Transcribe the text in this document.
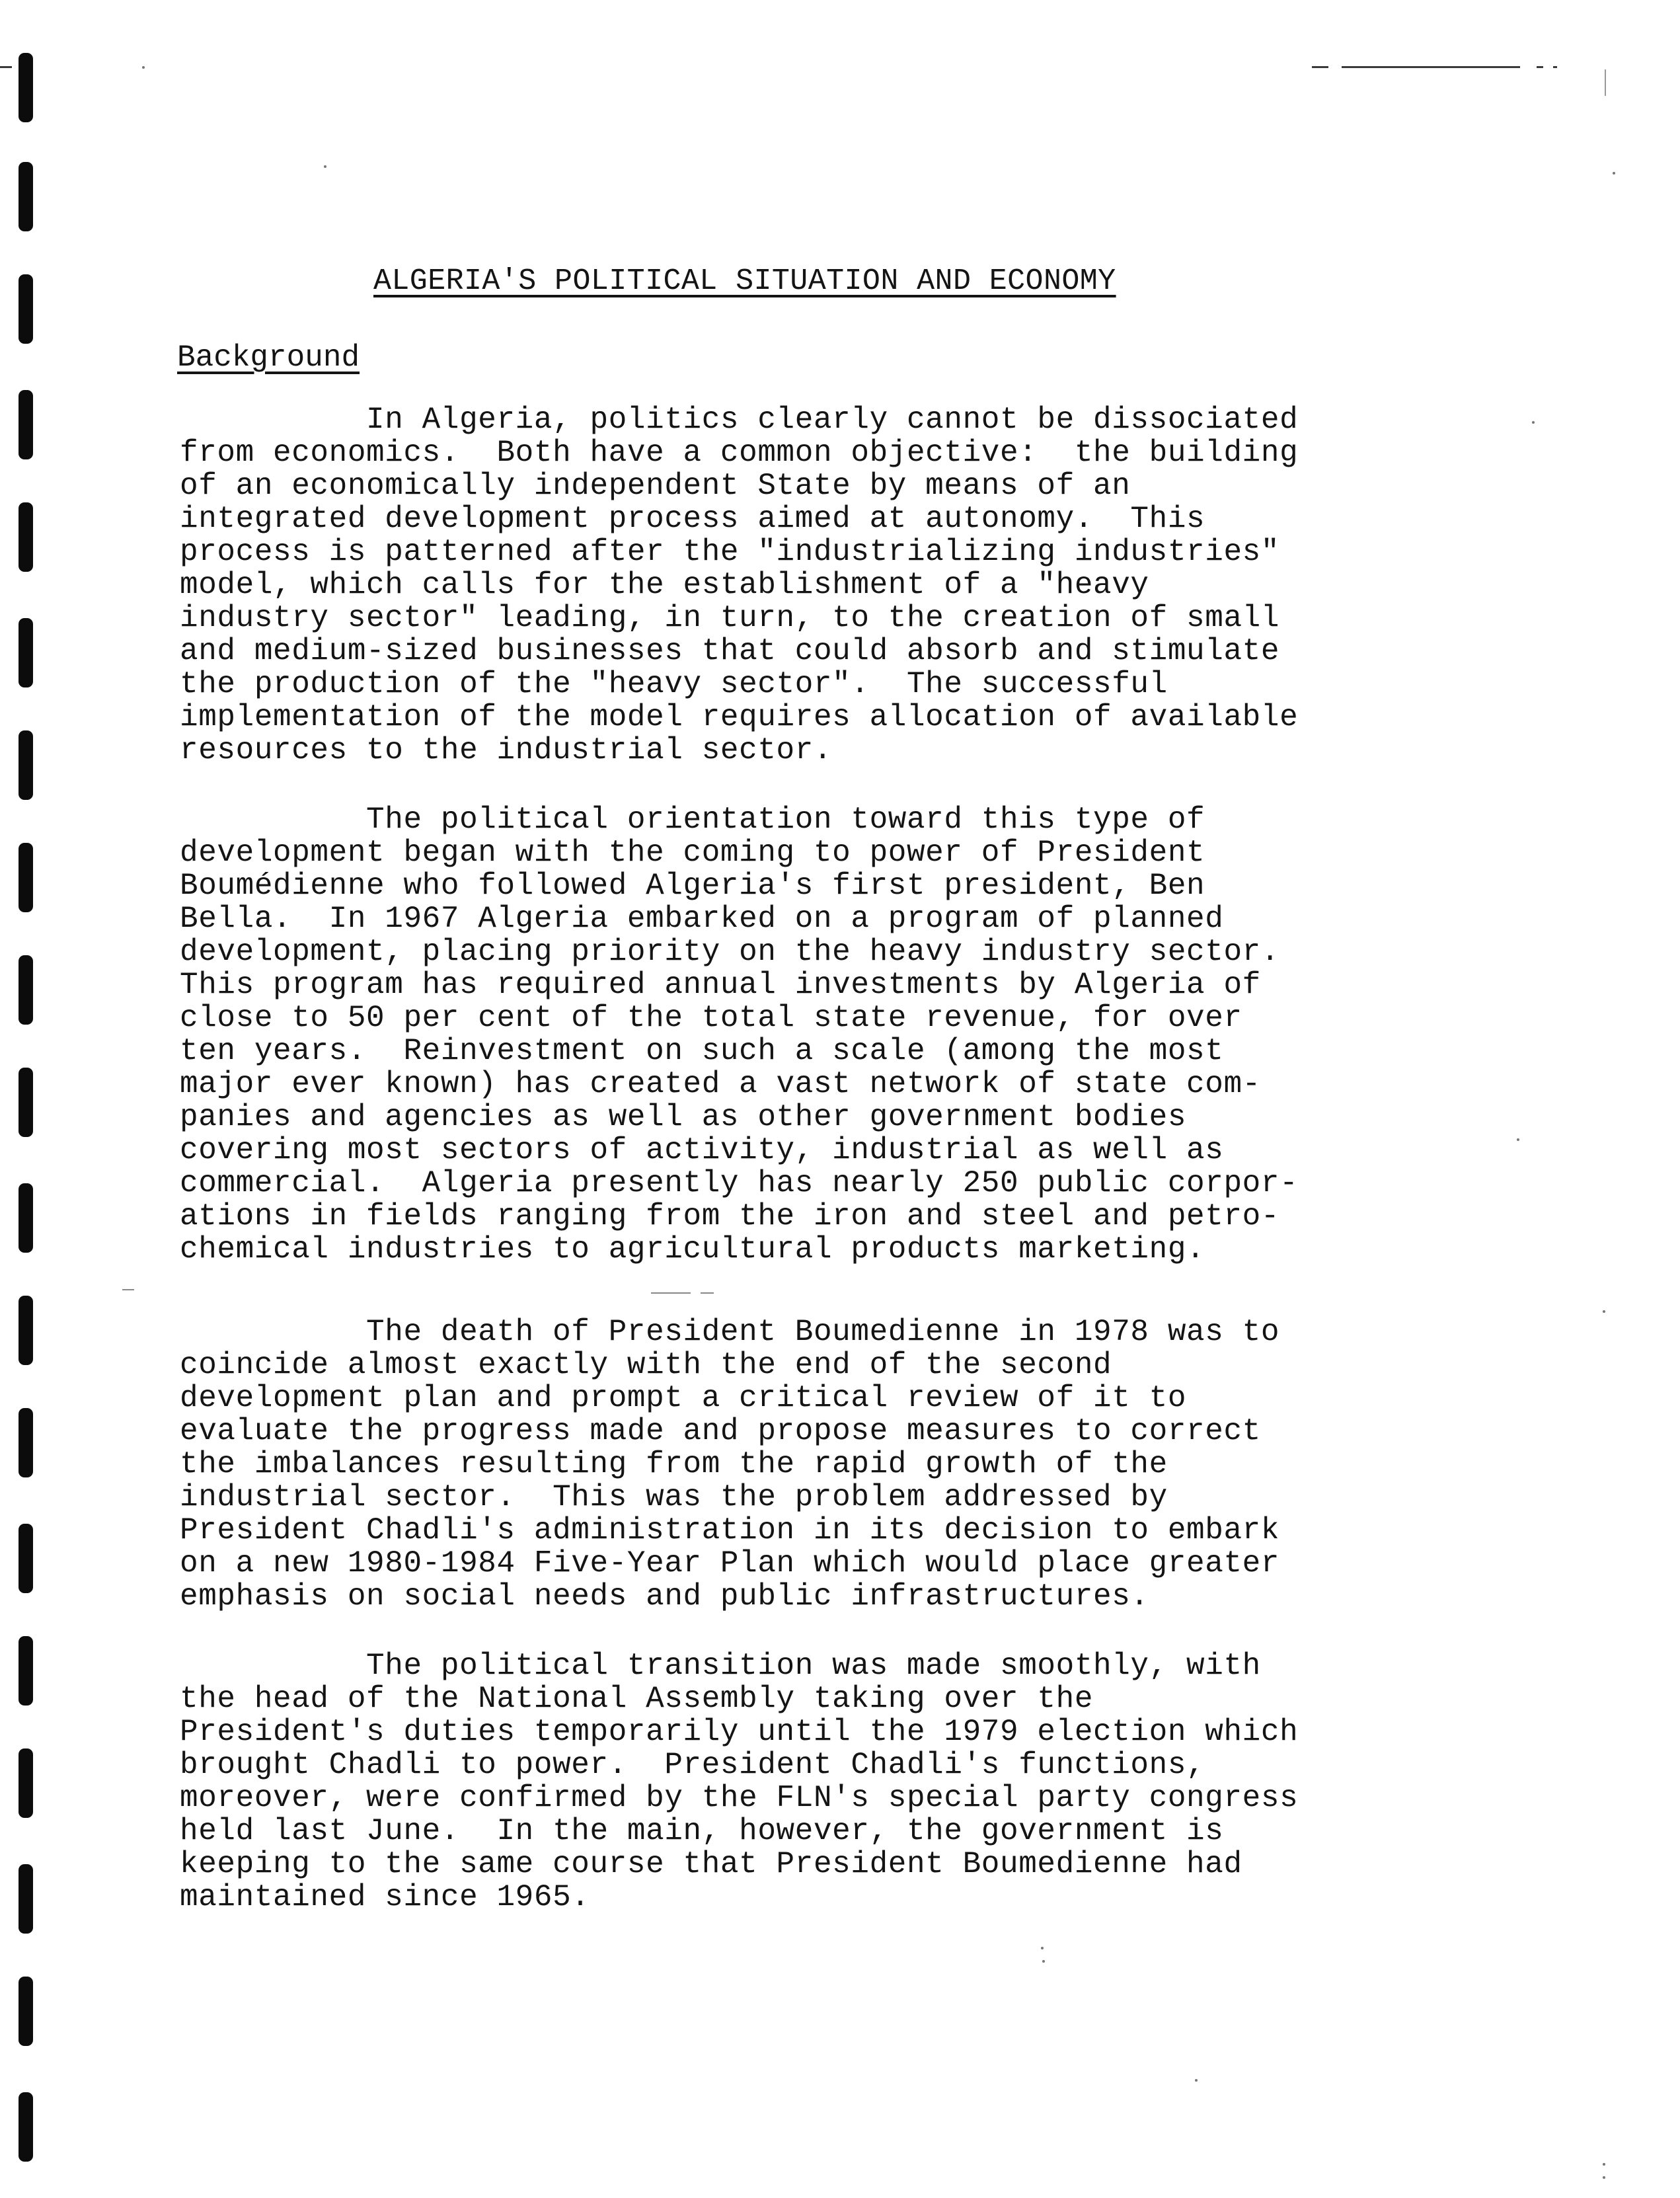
ALGERIA'S POLITICAL SITUATION AND ECONOMY
Background

In Algeria, politics clearly cannot be dissociated
from economics.  Both have a common objective:  the building
of an economically independent State by means of an
integrated development process aimed at autonomy.  This
process is patterned after the "industrializing industries"
model, which calls for the establishment of a "heavy
industry sector" leading, in turn, to the creation of small
and medium-sized businesses that could absorb and stimulate
the production of the "heavy sector".  The successful
implementation of the model requires allocation of available
resources to the industrial sector.

The political orientation toward this type of
development began with the coming to power of President
Boumédienne who followed Algeria's first president, Ben
Bella.  In 1967 Algeria embarked on a program of planned
development, placing priority on the heavy industry sector.
This program has required annual investments by Algeria of
close to 50 per cent of the total state revenue, for over
ten years.  Reinvestment on such a scale (among the most
major ever known) has created a vast network of state com-
panies and agencies as well as other government bodies
covering most sectors of activity, industrial as well as
commercial.  Algeria presently has nearly 250 public corpor-
ations in fields ranging from the iron and steel and petro-
chemical industries to agricultural products marketing.

The death of President Boumedienne in 1978 was to
coincide almost exactly with the end of the second
development plan and prompt a critical review of it to
evaluate the progress made and propose measures to correct
the imbalances resulting from the rapid growth of the
industrial sector.  This was the problem addressed by
President Chadli's administration in its decision to embark
on a new 1980-1984 Five-Year Plan which would place greater
emphasis on social needs and public infrastructures.

The political transition was made smoothly, with
the head of the National Assembly taking over the
President's duties temporarily until the 1979 election which
brought Chadli to power.  President Chadli's functions,
moreover, were confirmed by the FLN's special party congress
held last June.  In the main, however, the government is
keeping to the same course that President Boumedienne had
maintained since 1965.
